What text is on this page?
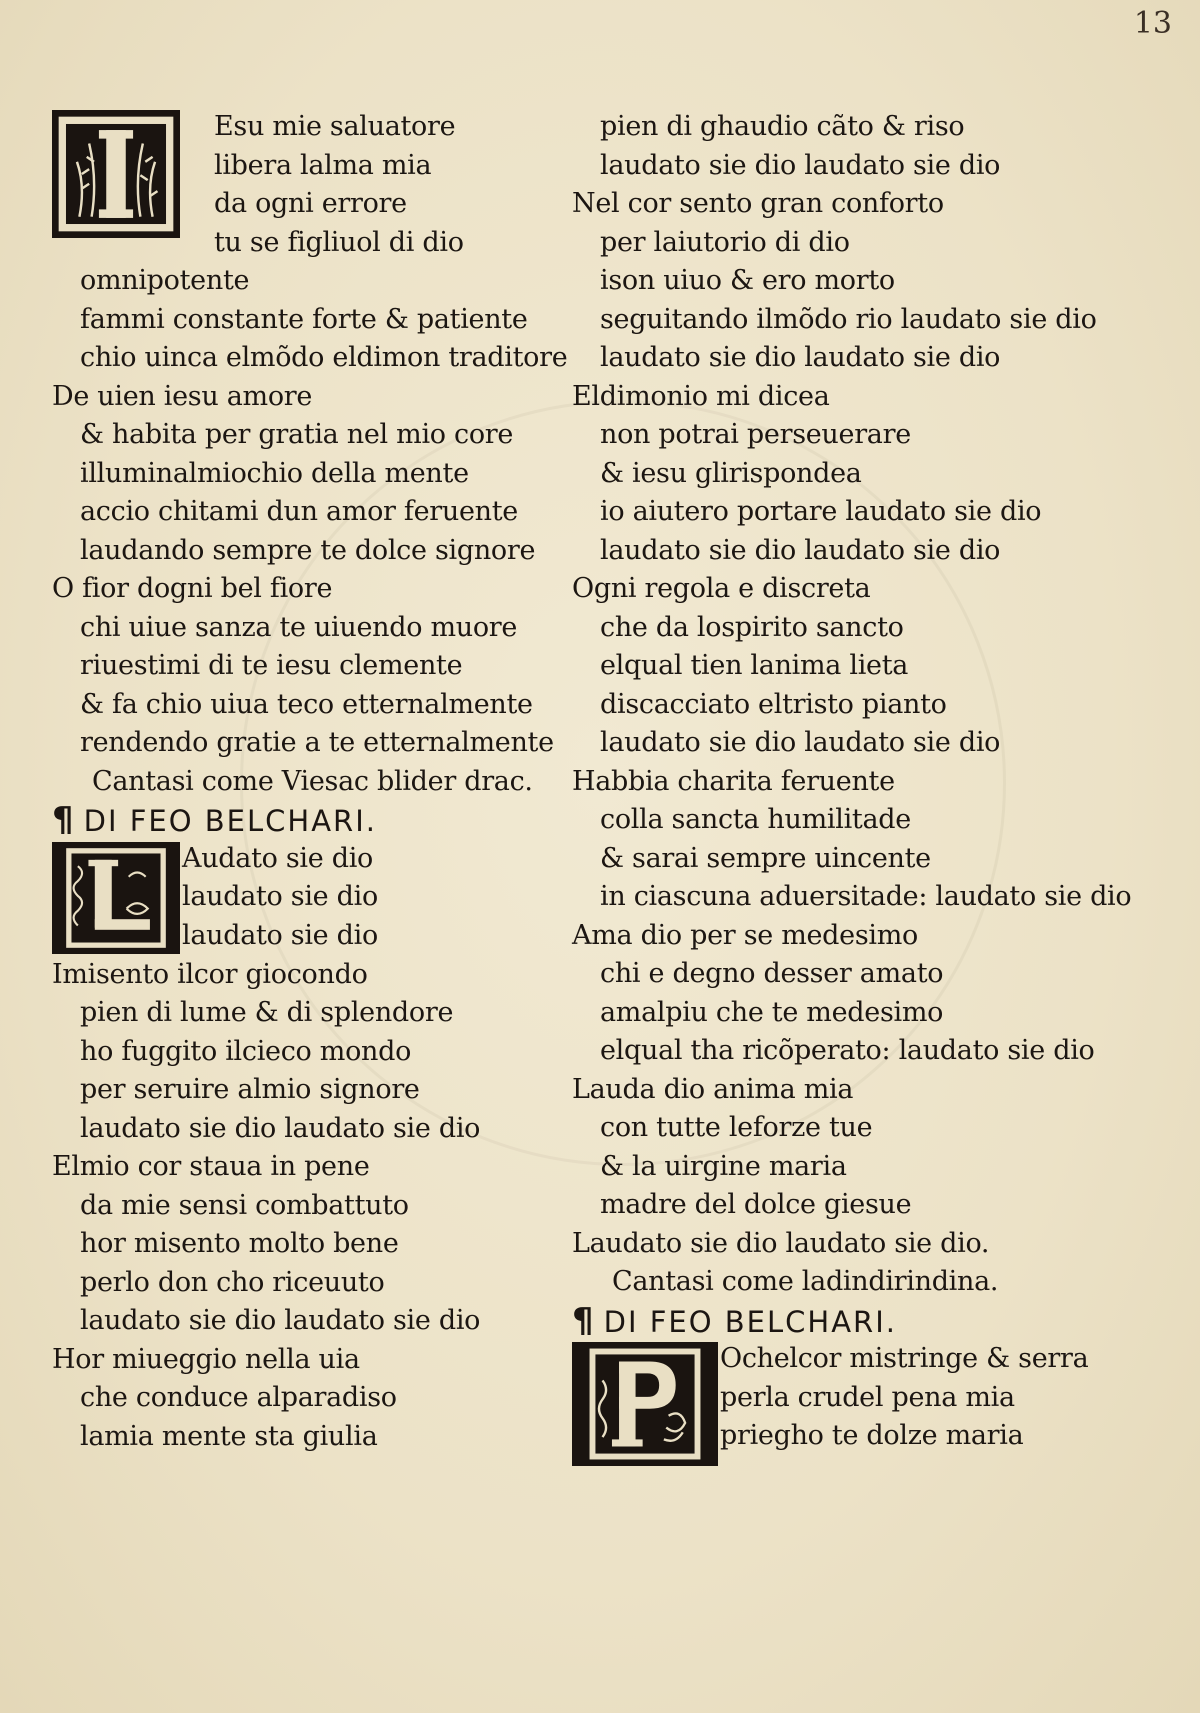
13
Esu mie saluatore
libera lalma mia
da ogni errore
tu se figliuol di dio
omnipotente
fammi constante forte & patiente
chio uinca elmõdo eldimon traditore
De uien iesu amore
& habita per gratia nel mio core
illuminalmiochio della mente
accio chitami dun amor feruente
laudando sempre te dolce signore
O fior dogni bel fiore
chi uiue sanza te uiuendo muore
riuestimi di te iesu clemente
& fa chio uiua teco etternalmente
rendendo gratie a te etternalmente
Cantasi come Viesac blider drac.
¶ DI FEO BELCHARI.
Audato sie dio
laudato sie dio
laudato sie dio
Imisento ilcor giocondo
pien di lume & di splendore
ho fuggito ilcieco mondo
per seruire almio signore
laudato sie dio laudato sie dio
Elmio cor staua in pene
da mie sensi combattuto
hor misento molto bene
perlo don cho riceuuto
laudato sie dio laudato sie dio
Hor miueggio nella uia
che conduce alparadiso
lamia mente sta giulia
pien di ghaudio cãto & riso
laudato sie dio laudato sie dio
Nel cor sento gran conforto
per laiutorio di dio
ison uiuo & ero morto
seguitando ilmõdo rio laudato sie dio
laudato sie dio laudato sie dio
Eldimonio mi dicea
non potrai perseuerare
& iesu glirispondea
io aiutero portare laudato sie dio
laudato sie dio laudato sie dio
Ogni regola e discreta
che da lospirito sancto
elqual tien lanima lieta
discacciato eltristo pianto
laudato sie dio laudato sie dio
Habbia charita feruente
colla sancta humilitade
& sarai sempre uincente
in ciascuna aduersitade: laudato sie dio
Ama dio per se medesimo
chi e degno desser amato
amalpiu che te medesimo
elqual tha ricõperato: laudato sie dio
Lauda dio anima mia
con tutte leforze tue
& la uirgine maria
madre del dolce giesue
Laudato sie dio laudato sie dio.
Cantasi come ladindirindina.
¶ DI FEO BELCHARI.
Ochelcor mistringe & serra
perla crudel pena mia
priegho te dolze maria
